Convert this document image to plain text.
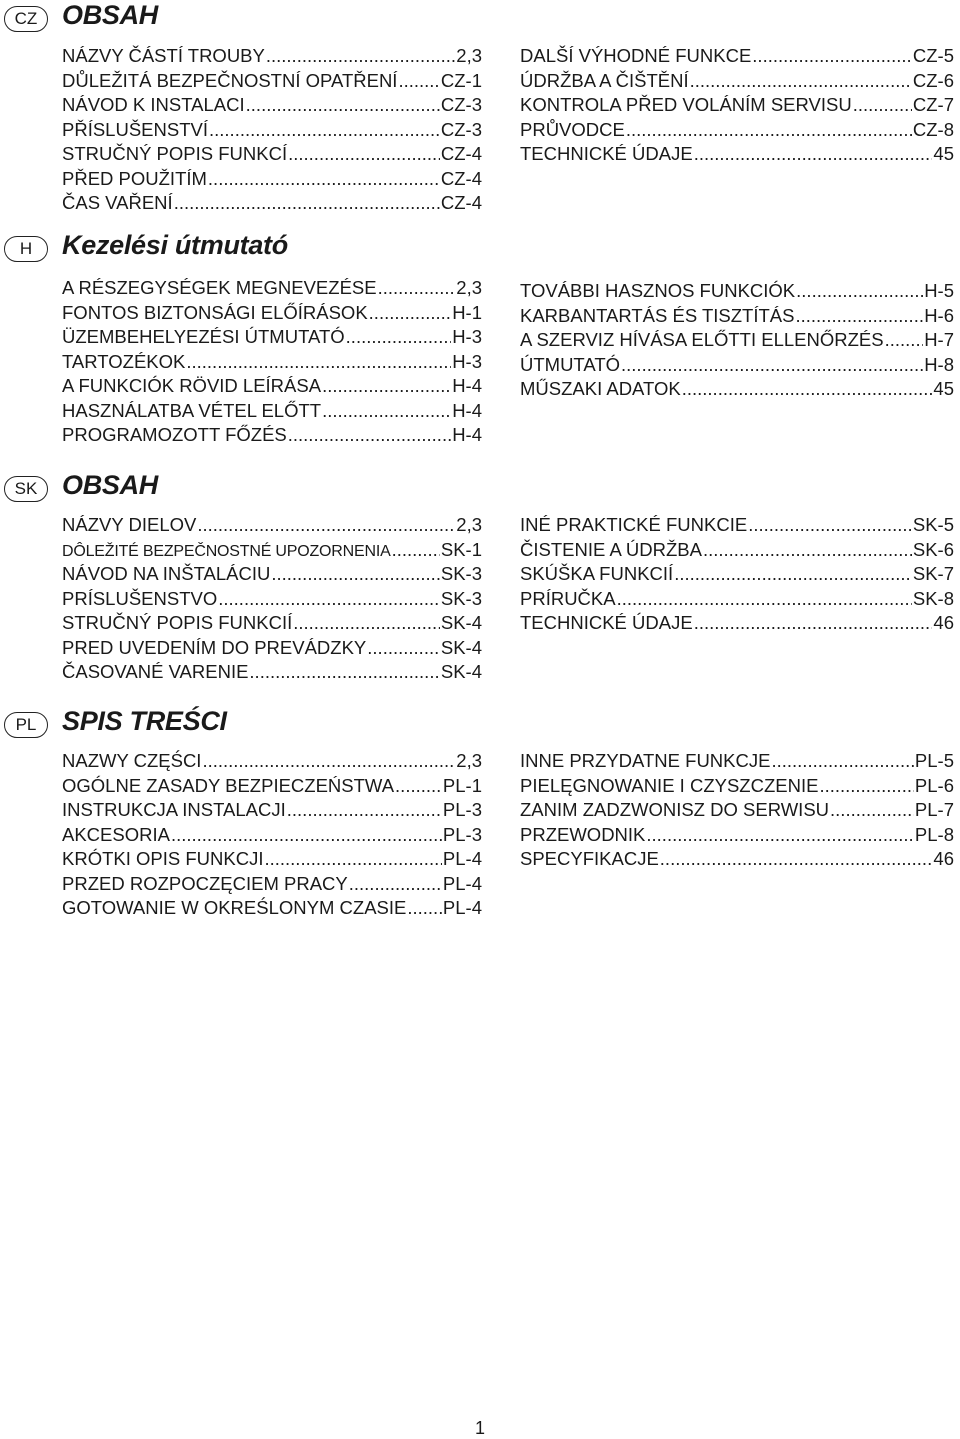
CZ OBSAH
NÁZVY ČÁSTÍ TROUBY .....	2,3
DŮLEŽITÁ BEZPEČNOSTNÍ OPATŘENÍ ..... CZ-1
NÁVOD K INSTALACI .....	CZ-3
PŘÍSLUŠENSTVÍ .....	CZ-3
STRUČNÝ POPIS FUNKCÍ .....	CZ-4
PŘED POUŽITÍM .....	CZ-4
ČAS VAŘENÍ .....	CZ-4
DALŠÍ VÝHODNÉ FUNKCE .....	CZ-5
ÚDRŽBA A ČIŠTĚNÍ .....	CZ-6
KONTROLA PŘED VOLÁNÍM SERVISU .....	CZ-7
PRŮVODCE .....	CZ-8
TECHNICKÉ ÚDAJE .....	45
H	Kezelési útmutató
A RÉSZEGYSÉGEK MEGNEVEZÉSE .....	2,3
FONTOS BIZTONSÁGI ELŐÍRÁSOK .....	H-1
ÜZEMBEHELYEZÉSI ÚTMUTATÓ .....	H-3
TARTOZÉKOK .....	H-3
A FUNKCIÓK RÖVID LEÍRÁSA .....	H-4
HASZNÁLATBA VÉTEL ELŐTT .....	H-4
PROGRAMOZOTT FŐZÉS .....	H-4
TOVÁBBI HASZNOS FUNKCIÓK .....	H-5
KARBANTARTÁS ÉS TISZTÍTÁS .....	H-6
A SZERVIZ HÍVÁSA ELŐTTI ELLENŐRZÉS ..... H-7
ÚTMUTATÓ .....	H-8
MŰSZAKI ADATOK .....	45
SK OBSAH
NÁZVY DIELOV .....	2,3
DÔLEŽITÉ BEZPEČNOSTNÉ UPOZORNENIA .....	SK-1
NÁVOD NA INŠTALÁCIU .....	SK-3
PRÍSLUŠENSTVO .....	SK-3
STRUČNÝ POPIS FUNKCIÍ .....	SK-4
PRED UVEDENÍM DO PREVÁDZKY .....	SK-4
ČASOVANÉ VARENIE .....	SK-4
INÉ PRAKTICKÉ FUNKCIE .....	SK-5
ČISTENIE A ÚDRŽBA .....	SK-6
SKÚŠKA FUNKCIÍ .....	SK-7
PRÍRUČKA .....	SK-8
TECHNICKÉ ÚDAJE .....	46
PL SPIS TREŚCI
NAZWY CZĘŚCI .....	2,3
OGÓLNE ZASADY BEZPIECZEŃSTWA .....	PL-1
INSTRUKCJA INSTALACJI .....	PL-3
AKCESORIA .....	PL-3
KRÓTKI OPIS FUNKCJI .....	PL-4
PRZED ROZPOCZĘCIEM PRACY .....	PL-4
GOTOWANIE W OKREŚLONYM CZASIE ..... PL-4
INNE PRZYDATNE FUNKCJE .....	PL-5
PIELĘGNOWANIE I CZYSZCZENIE .....	PL-6
ZANIM ZADZWONISZ DO SERWISU .....	PL-7
PRZEWODNIK .....	PL-8
SPECYFIKACJE .....	46
1
